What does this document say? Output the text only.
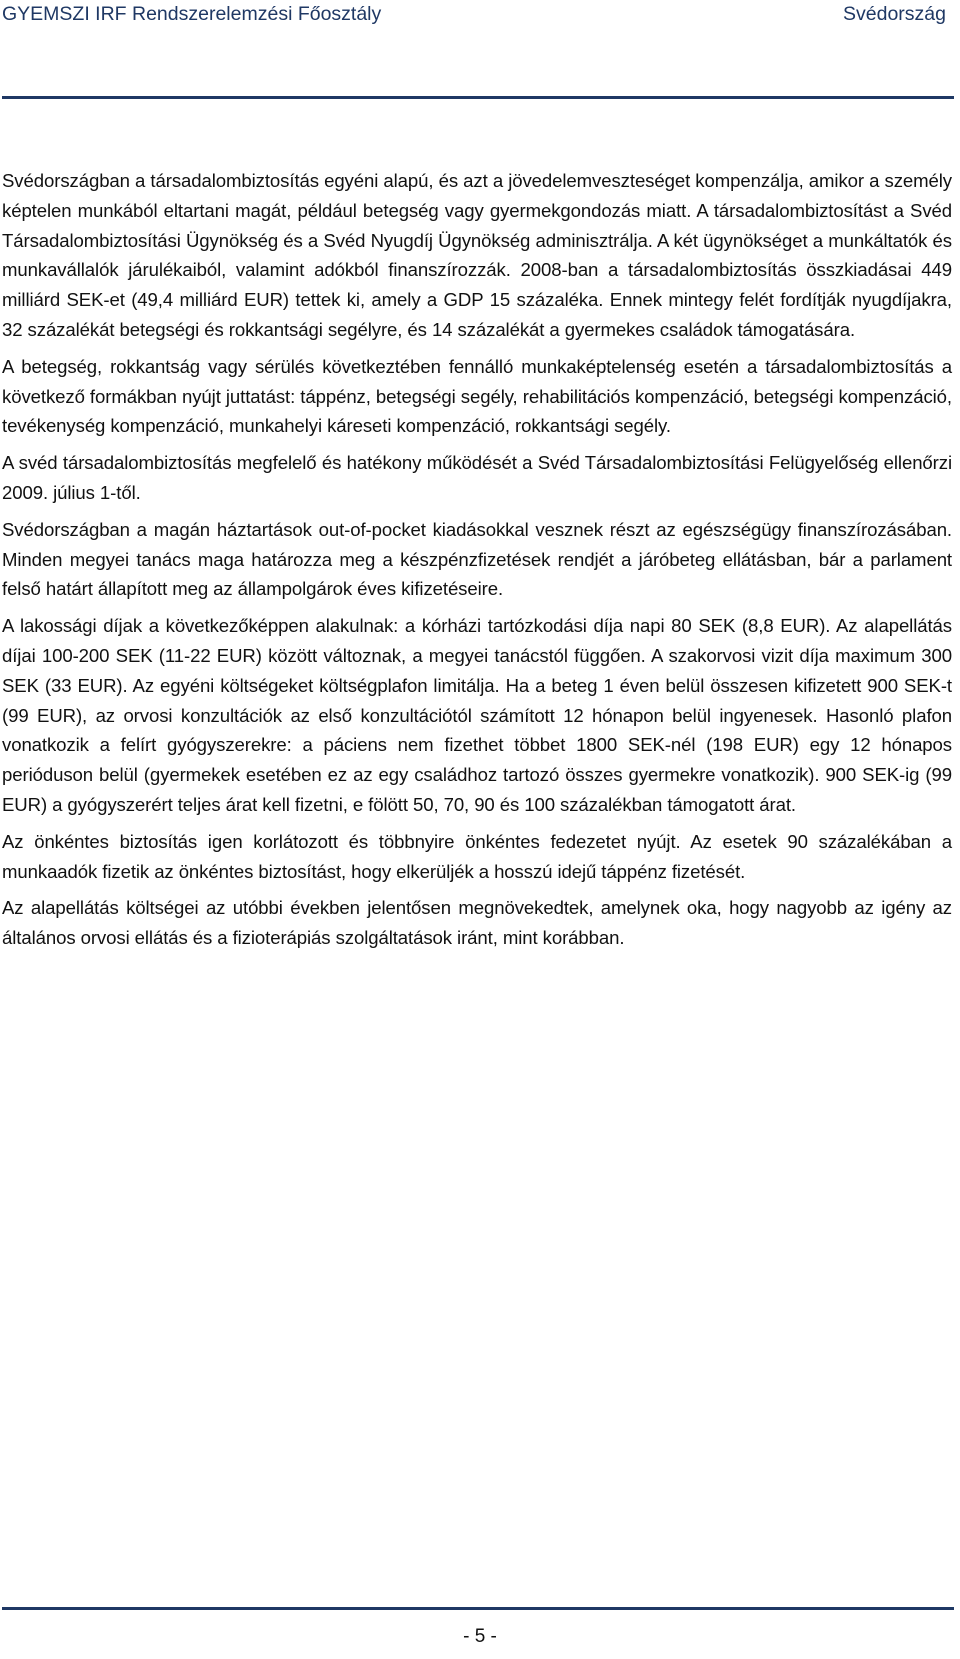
GYEMSZI IRF Rendszerelemzési Főosztály	Svédország

Svédországban a társadalombiztosítás egyéni alapú, és azt a jövedelemveszteséget kompenzálja, amikor a személy képtelen munkából eltartani magát, például betegség vagy gyermekgondozás miatt. A társadalombiztosítást a Svéd Társadalombiztosítási Ügynökség és a Svéd Nyugdíj Ügynökség adminisztrálja. A két ügynökséget a munkáltatók és munkavállalók járulékaiból, valamint adókból finanszírozzák. 2008-ban a társadalombiztosítás összkiadásai 449 milliárd SEK-et (49,4 milliárd EUR) tettek ki, amely a GDP 15 százaléka. Ennek mintegy felét fordítják nyugdíjakra, 32 százalékát betegségi és rokkantsági segélyre, és 14 százalékát a gyermekes családok támogatására.

A betegség, rokkantság vagy sérülés következtében fennálló munkaképtelenség esetén a társadalombiztosítás a következő formákban nyújt juttatást: táppénz, betegségi segély, rehabilitációs kompenzáció, betegségi kompenzáció, tevékenység kompenzáció, munkahelyi kárеseti kompenzáció, rokkantsági segély.

A svéd társadalombiztosítás megfelelő és hatékony működését a Svéd Társadalombiztosítási Felügyelőség ellenőrzi 2009. július 1-től.

Svédországban a magán háztartások out-of-pocket kiadásokkal vesznek részt az egészségügy finanszírozásában. Minden megyei tanács maga határozza meg a készpénzfizetések rendjét a járóbeteg ellátásban, bár a parlament felső határt állapított meg az állampolgárok éves kifizetéseire.

A lakossági díjak a következőképpen alakulnak: a kórházi tartózkodási díja napi 80 SEK (8,8 EUR). Az alapellátás díjai 100-200 SEK (11-22 EUR) között változnak, a megyei tanácstól függően. A szakorvosi vizit díja maximum 300 SEK (33 EUR). Az egyéni költségeket költségplafon limitálja. Ha a beteg 1 éven belül összesen kifizetett 900 SEK-t (99 EUR), az orvosi konzultációk az első konzultációtól számított 12 hónapon belül ingyenesek. Hasonló plafon vonatkozik a felírt gyógyszerekre: a páciens nem fizethet többet 1800 SEK-nél (198 EUR) egy 12 hónapos perióduson belül (gyermekek esetében ez az egy családhoz tartozó összes gyermekre vonatkozik). 900 SEK-ig (99 EUR) a gyógyszerért teljes árat kell fizetni, e fölött 50, 70, 90 és 100 százalékban támogatott árat.

Az önkéntes biztosítás igen korlátozott és többnyire önkéntes fedezetet nyújt. Az esetek 90 százalékában a munkaadók fizetik az önkéntes biztosítást, hogy elkerüljék a hosszú idejű táppénz fizetését.

Az alapellátás költségei az utóbbi években jelentősen megnövekedtek, amelynek oka, hogy nagyobb az igény az általános orvosi ellátás és a fizioterápiás szolgáltatások iránt, mint korábban.

- 5 -
